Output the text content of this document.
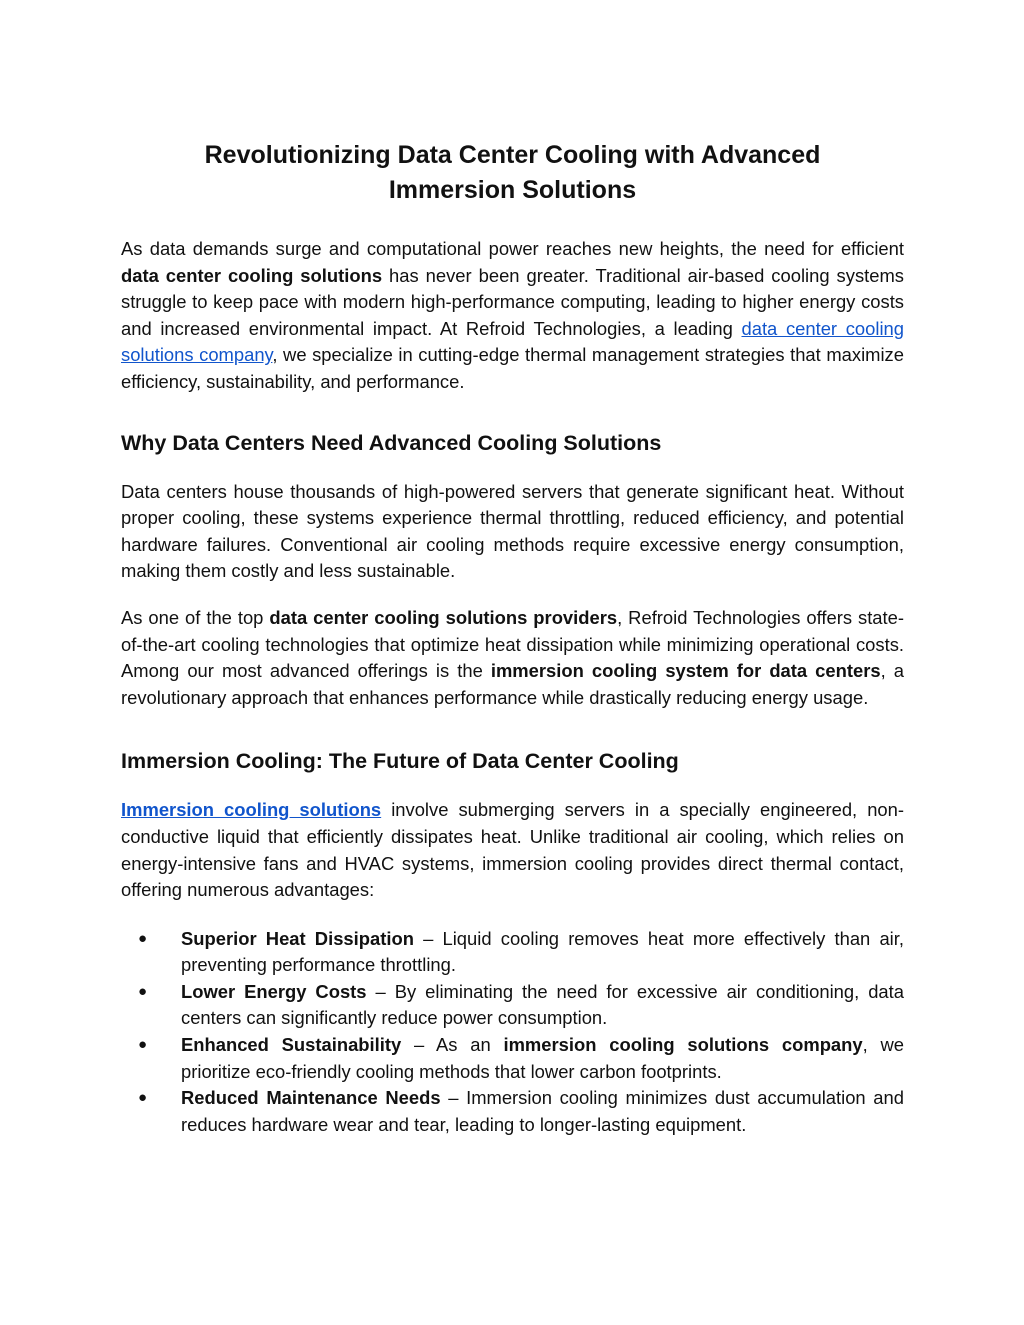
Revolutionizing Data Center Cooling with Advanced
Immersion Solutions

As data demands surge and computational power reaches new heights, the need for efficient data center cooling solutions has never been greater. Traditional air-based cooling systems struggle to keep pace with modern high-performance computing, leading to higher energy costs and increased environmental impact. At Refroid Technologies, a leading data center cooling solutions company, we specialize in cutting-edge thermal management strategies that maximize efficiency, sustainability, and performance.

Why Data Centers Need Advanced Cooling Solutions

Data centers house thousands of high-powered servers that generate significant heat. Without proper cooling, these systems experience thermal throttling, reduced efficiency, and potential hardware failures. Conventional air cooling methods require excessive energy consumption, making them costly and less sustainable.

As one of the top data center cooling solutions providers, Refroid Technologies offers state-of-the-art cooling technologies that optimize heat dissipation while minimizing operational costs. Among our most advanced offerings is the immersion cooling system for data centers, a revolutionary approach that enhances performance while drastically reducing energy usage.

Immersion Cooling: The Future of Data Center Cooling

Immersion cooling solutions involve submerging servers in a specially engineered, non-conductive liquid that efficiently dissipates heat. Unlike traditional air cooling, which relies on energy-intensive fans and HVAC systems, immersion cooling provides direct thermal contact, offering numerous advantages:

● Superior Heat Dissipation – Liquid cooling removes heat more effectively than air, preventing performance throttling.
● Lower Energy Costs – By eliminating the need for excessive air conditioning, data centers can significantly reduce power consumption.
● Enhanced Sustainability – As an immersion cooling solutions company, we prioritize eco-friendly cooling methods that lower carbon footprints.
● Reduced Maintenance Needs – Immersion cooling minimizes dust accumulation and reduces hardware wear and tear, leading to longer-lasting equipment.
